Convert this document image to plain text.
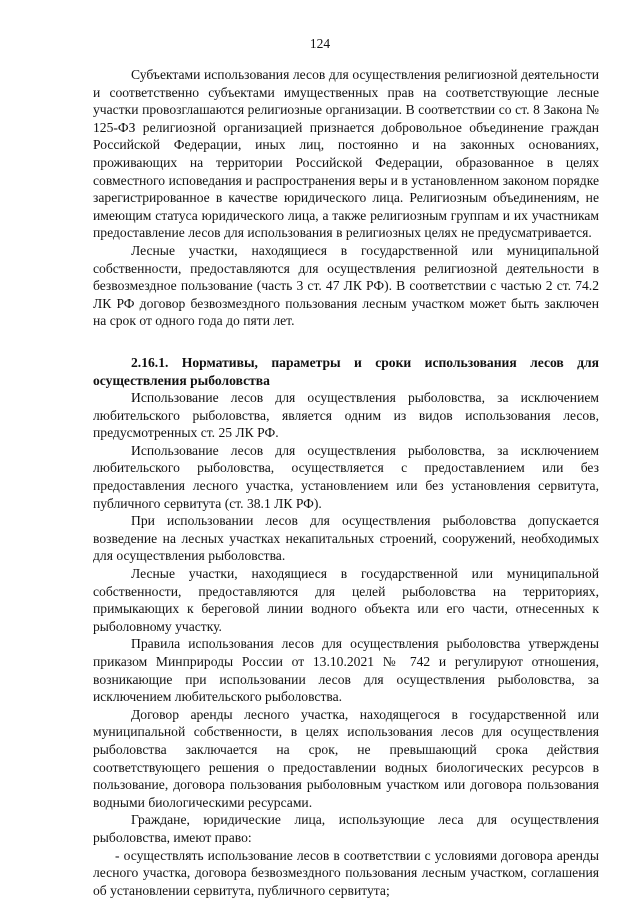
124

Субъектами использования лесов для осуществления религиозной деятельности и соответственно субъектами имущественных прав на соответствующие лесные участки провозглашаются религиозные организации. В соответствии со ст. 8 Закона № 125-ФЗ религиозной организацией признается добровольное объединение граждан Российской Федерации, иных лиц, постоянно и на законных основаниях, проживающих на территории Российской Федерации, образованное в целях совместного исповедания и распространения веры и в установленном законом порядке зарегистрированное в качестве юридического лица. Религиозным объединениям, не имеющим статуса юридического лица, а также религиозным группам и их участникам предоставление лесов для использования в религиозных целях не предусматривается.

Лесные участки, находящиеся в государственной или муниципальной собственности, предоставляются для осуществления религиозной деятельности в безвозмездное пользование (часть 3 ст. 47 ЛК РФ). В соответствии с частью 2 ст. 74.2 ЛК РФ договор безвозмездного пользования лесным участком может быть заключен на срок от одного года до пяти лет.

2.16.1. Нормативы, параметры и сроки использования лесов для осуществления рыболовства

Использование лесов для осуществления рыболовства, за исключением любительского рыболовства, является одним из видов использования лесов, предусмотренных ст. 25 ЛК РФ.

Использование лесов для осуществления рыболовства, за исключением любительского рыболовства, осуществляется с предоставлением или без предоставления лесного участка, установлением или без установления сервитута, публичного сервитута (ст. 38.1 ЛК РФ).

При использовании лесов для осуществления рыболовства допускается возведение на лесных участках некапитальных строений, сооружений, необходимых для осуществления рыболовства.

Лесные участки, находящиеся в государственной или муниципальной собственности, предоставляются для целей рыболовства на территориях, примыкающих к береговой линии водного объекта или его части, отнесенных к рыболовному участку.

Правила использования лесов для осуществления рыболовства утверждены приказом Минприроды России от 13.10.2021 № 742 и регулируют отношения, возникающие при использовании лесов для осуществления рыболовства, за исключением любительского рыболовства.

Договор аренды лесного участка, находящегося в государственной или муниципальной собственности, в целях использования лесов для осуществления рыболовства заключается на срок, не превышающий срока действия соответствующего решения о предоставлении водных биологических ресурсов в пользование, договора пользования рыболовным участком или договора пользования водными биологическими ресурсами.

Граждане, юридические лица, использующие леса для осуществления рыболовства, имеют право:

- осуществлять использование лесов в соответствии с условиями договора аренды лесного участка, договора безвозмездного пользования лесным участком, соглашения об установлении сервитута, публичного сервитута;
